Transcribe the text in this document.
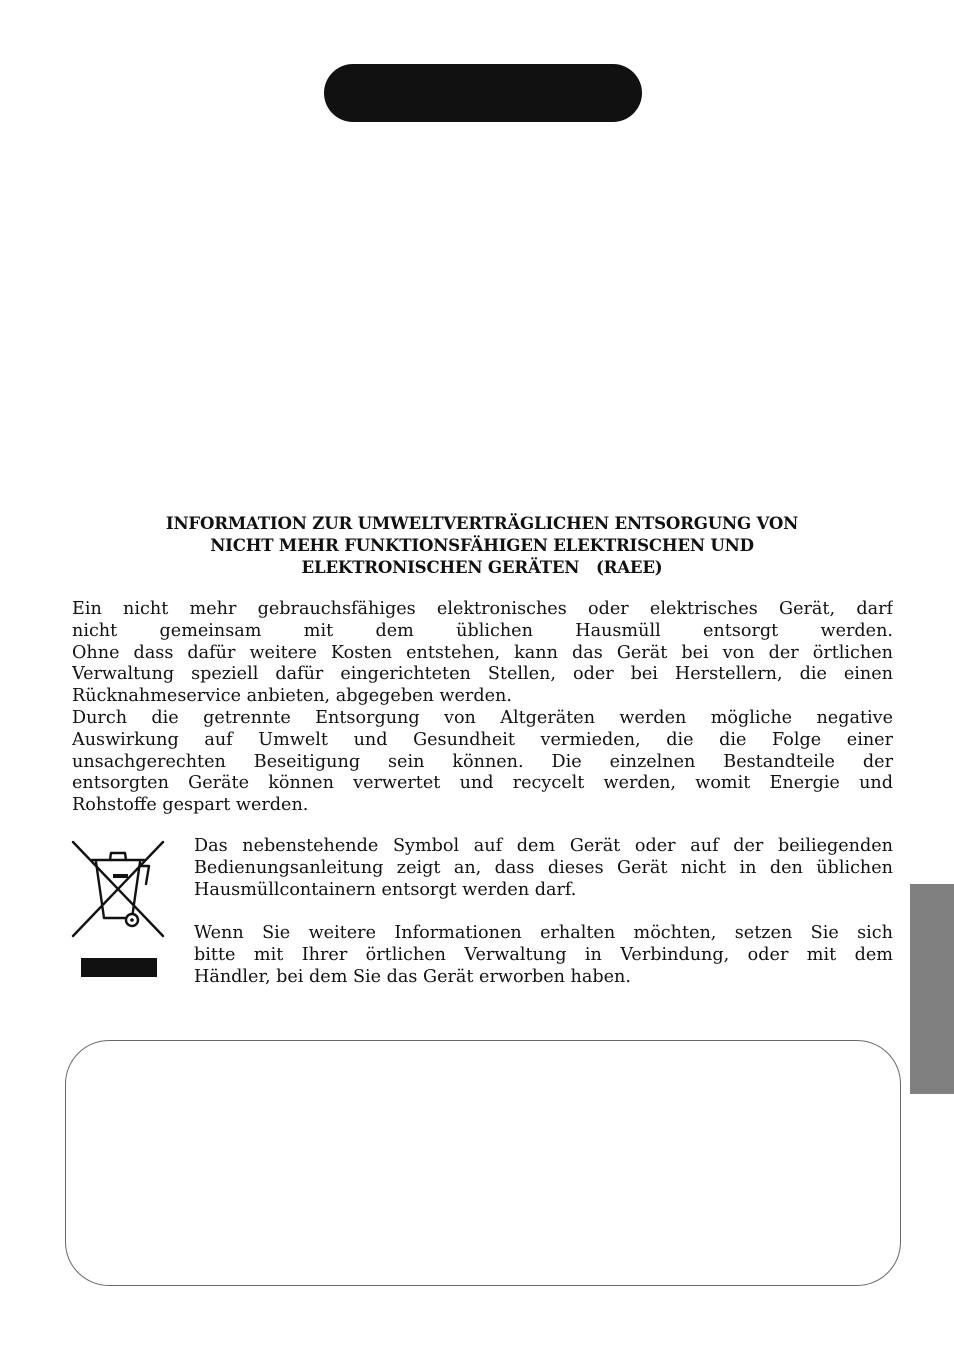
INFORMATION ZUR UMWELTVERTRÄGLICHEN ENTSORGUNG VON
NICHT MEHR FUNKTIONSFÄHIGEN ELEKTRISCHEN UND
ELEKTRONISCHEN GERÄTEN   (RAEE)
Ein nicht mehr gebrauchsfähiges elektronisches oder elektrisches Gerät, darf
nicht gemeinsam mit dem üblichen Hausmüll entsorgt werden.
Ohne dass dafür weitere Kosten entstehen, kann das Gerät bei von der örtlichen
Verwaltung speziell dafür eingerichteten Stellen, oder bei Herstellern, die einen
Rücknahmeservice anbieten, abgegeben werden.
Durch die getrennte Entsorgung von Altgeräten werden mögliche negative
Auswirkung auf Umwelt und Gesundheit vermieden, die die Folge einer
unsachgerechten Beseitigung sein können. Die einzelnen Bestandteile der
entsorgten Geräte können verwertet und recycelt werden, womit Energie und
Rohstoffe gespart werden.
Das nebenstehende Symbol auf dem Gerät oder auf der beiliegenden
Bedienungsanleitung zeigt an, dass dieses Gerät nicht in den üblichen
Hausmüllcontainern entsorgt werden darf.
Wenn Sie weitere Informationen erhalten möchten, setzen Sie sich
bitte mit Ihrer örtlichen Verwaltung in Verbindung, oder mit dem
Händler, bei dem Sie das Gerät erworben haben.
